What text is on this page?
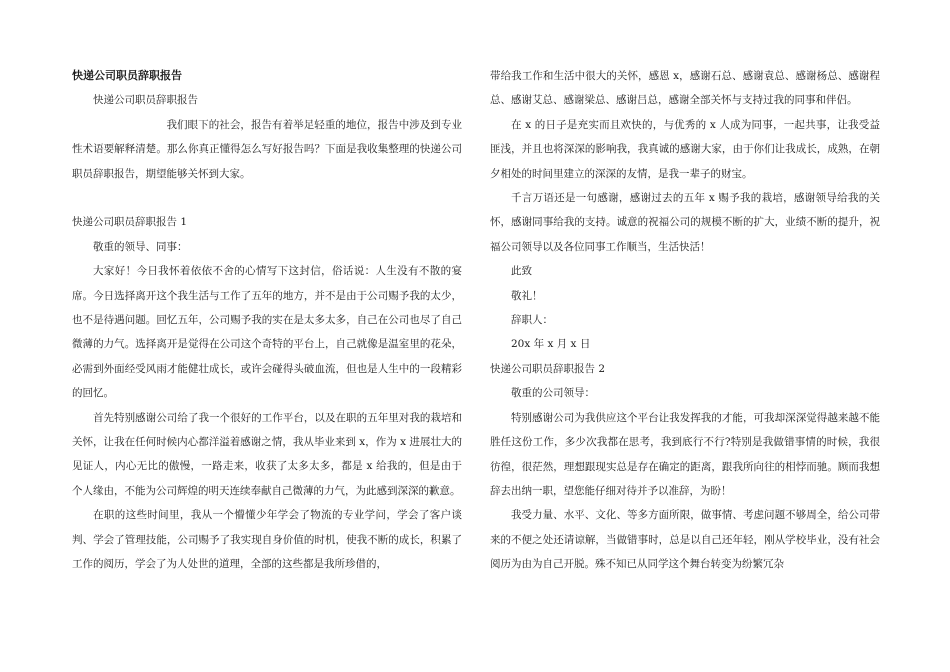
快递公司职员辞职报告

快递公司职员辞职报告

我们眼下的社会，报告有着举足轻重的地位，报告中涉及到专业性术语要解释清楚。那么你真正懂得怎么写好报告吗？下面是我收集整理的快递公司职员辞职报告，期望能够关怀到大家。

快递公司职员辞职报告 1

敬重的领导、同事：

大家好！今日我怀着依依不舍的心情写下这封信，俗话说：人生没有不散的宴席。今日选择离开这个我生活与工作了五年的地方，并不是由于公司赐予我的太少，也不是待遇问题。回忆五年，公司赐予我的实在是太多太多，自己在公司也尽了自己微薄的力气。选择离开是觉得在公司这个奇特的平台上，自己就像是温室里的花朵，必需到外面经受风雨才能健壮成长，或许会碰得头破血流，但也是人生中的一段精彩的回忆。

首先特别感谢公司给了我一个很好的工作平台，以及在职的五年里对我的栽培和关怀，让我在任何时候内心都洋溢着感谢之情，我从毕业来到 x，作为 x 进展壮大的见证人，内心无比的傲慢，一路走来，收获了太多太多，都是 x 给我的，但是由于个人缘由，不能为公司辉煌的明天连续奉献自己微薄的力气，为此感到深深的歉意。

在职的这些时间里，我从一个懵懂少年学会了物流的专业学问，学会了客户谈判、学会了管理技能，公司赐予了我实现自身价值的时机，使我不断的成长，积累了工作的阅历，学会了为人处世的道理，全部的这些都是我所珍借的，

带给我工作和生活中很大的关怀，感恩 x，感谢石总、感谢袁总、感谢杨总、感谢程总、感谢艾总、感谢梁总、感谢吕总，感谢全部关怀与支持过我的同事和伴侣。

在 x 的日子是充实而且欢快的，与优秀的 x 人成为同事，一起共事，让我受益匪浅，并且也将深深的影响我，我真诚的感谢大家，由于你们让我成长，成熟，在朝夕相处的时间里建立的深深的友情，是我一辈子的财宝。

千言万语还是一句感谢，感谢过去的五年 x 赐予我的栽培，感谢领导给我的关怀，感谢同事给我的支持。诚意的祝福公司的规模不断的扩大，业绩不断的提升，祝福公司领导以及各位同事工作顺当，生活快活！

此致

敬礼！

辞职人：

20x 年 x 月 x 日

快递公司职员辞职报告 2

敬重的公司领导：

特别感谢公司为我供应这个平台让我发挥我的才能，可我却深深觉得越来越不能胜任这份工作，多少次我都在思考，我到底行不行?特别是我做错事情的时候，我很彷徨，很茫然，理想跟现实总是存在确定的距离，跟我所向往的相悖而驰。顾而我想辞去出纳一职，望您能仔细对待并予以准辞，为盼！

我受力量、水平、文化、等多方面所限，做事情、考虑问题不够周全，给公司带来的不便之处还请谅解，当做错事时，总是以自己还年轻，刚从学校毕业，没有社会阅历为由为自己开脱。殊不知已从同学这个舞台转变为纷繁冗杂
